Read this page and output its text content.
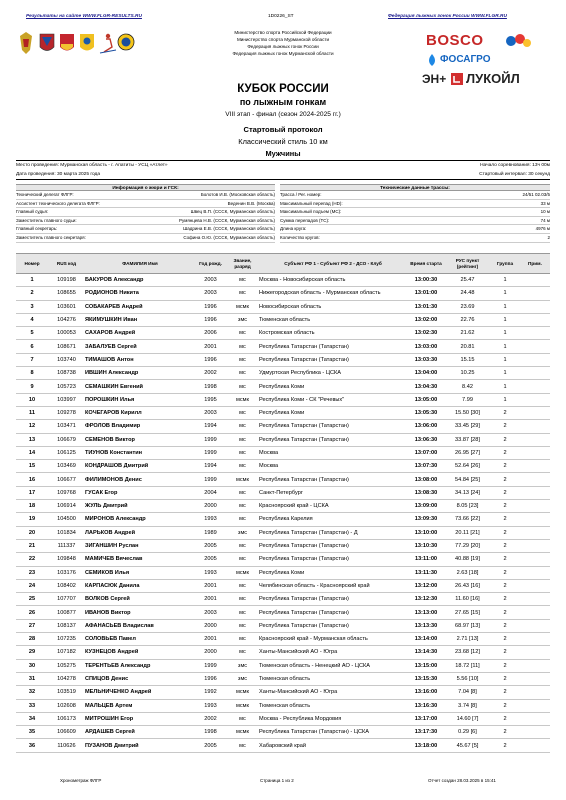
Результаты на сайте WWW.FLGR-RESULTS.RU	1D0226_ST	Федерация лыжных гонок России WWW.FLGR.RU
Министерство спорта Российской Федерации
Министерство спорта Мурманской области
Федерация лыжных гонок России
Федерация лыжных гонок Мурманской области
BOSCO
ФОСАГРО
ЭН+ ЛУКОЙЛ
КУБОК РОССИИ
по лыжным гонкам
VIII этап - финал (сезон 2024-2025 гг.)
Стартовый протокол
Классический стиль 10 км
Мужчины
Место проведения: Мурманская область - г. Апатиты - УСЦ «Атлет»
Дата проведения: 30 марта 2025 года
Начало соревнования: 13ч 00м
Стартовый интервал: 30 секунд
Информация о жюри и ГСК:
Технический делегат ФЛГР:	Болотов И.В. (Московская область)
Ассистент технического делегата ФЛГР:	Веденин В.В. (Москва)
Главный судья:	Швец В.П. (СССК, Мурманская область)
Заместитель главного судьи:	Румянцева Н.В. (СССК, Мурманская область)
Главный секретарь:	Шадрина Е.В. (СССК, Мурманская область)
Заместитель главного секретаря:	Софина О.Ю. (СССК, Мурманская область)
Технические данные трассы:
Трасса / Рег. номер:	24/51 02.03/5
Максимальный перепад (HD):	33 м
Максимальный подъем (MC):	10 м
Сумма перепадов (TC):	74 м
Длина круга:	4976 м
Количество кругов:	2
Номер	RUS код	ФАМИЛИЯ Имя	Год рожд.	Звание, разряд	Субъект РФ 1 - Субъект РФ 2 - ДСО - Клуб	Время старта	РУС пункт (рейтинг)	Группа	Прим.
1	109198	БАКУРОВ Александр	2003	мс	Москва - Новосибирская область	13:00:30	25.47	1	
2	108655	РОДИОНОВ Никита	2003	мс	Нижегородская область - Мурманская область	13:01:00	24.48	1	
3	103601	СОБАКАРЕВ Андрей	1996	мсмк	Новосибирская область	13:01:30	23.69	1	
4	104276	ЯКИМУШКИН Иван	1996	змс	Тюменская область	13:02:00	22.76	1	
5	100053	САХАРОВ Андрей	2006	мс	Костромская область	13:02:30	21.62	1	
6	108671	ЗАБАЛУЕВ Сергей	2001	мс	Республика Татарстан (Татарстан)	13:03:00	20.81	1	
7	103740	ТИМАШОВ Антон	1996	мс	Республика Татарстан (Татарстан)	13:03:30	15.15	1	
8	108738	ИВШИН Александр	2002	мс	Удмуртская Республика - ЦСКА	13:04:00	10.25	1	
9	105723	СЕМАШКИН Евгений	1998	мс	Республика Коми	13:04:30	8.42	1	
10	103997	ПОРОШКИН Илья	1995	мсмк	Республика Коми - СК "Речевых"	13:05:00	7.99	1	
11	109278	КОЧЕГАРОВ Кирилл	2003	мс	Республика Коми	13:05:30	15.50 [30]	2	
12	103471	ФРОЛОВ Владимир	1994	мс	Республика Татарстан (Татарстан)	13:06:00	33.45 [29]	2	
13	106679	СЕМЕНОВ Виктор	1999	мс	Республика Татарстан (Татарстан)	13:06:30	33.87 [28]	2	
14	106125	ТИУНОВ Константин	1999	мс	Москва	13:07:00	26.95 [27]	2	
15	103469	КОНДРАШОВ Дмитрий	1994	мс	Москва	13:07:30	52.64 [26]	2	
16	106677	ФИЛИМОНОВ Денис	1999	мсмк	Республика Татарстан (Татарстан)	13:08:00	54.84 [25]	2	
17	109768	ГУСАК Егор	2004	мс	Санкт-Петербург	13:08:30	34.13 [24]	2	
18	106914	ЖУЛЬ Дмитрий	2000	мс	Красноярский край - ЦСКА	13:09:00	8.05 [23]	2	
19	104500	МИРОНОВ Александр	1993	мс	Республика Карелия	13:09:30	73.66 [22]	2	
20	101834	ЛАРЬКОВ Андрей	1989	змс	Республика Татарстан (Татарстан) - Д	13:10:00	20.11 [21]	2	
21	111337	ЗИГАНШИН Руслан	2005	мс	Республика Татарстан (Татарстан)	13:10:30	77.29 [20]	2	
22	109848	МАМИЧЕВ Вячеслав	2005	мс	Республика Татарстан (Татарстан)	13:11:00	40.88 [19]	2	
23	103176	СЕМИКОВ Илья	1993	мсмк	Республика Коми	13:11:30	2.63 [18]	2	
24	108402	КАРПАСЮК Данила	2001	мс	Челябинская область - Красноярский край	13:12:00	26.43 [16]	2	
25	107707	ВОЛКОВ Сергей	2001	мс	Республика Татарстан (Татарстан)	13:12:30	11.60 [16]	2	
26	100877	ИВАНОВ Виктор	2003	мс	Республика Татарстан (Татарстан)	13:13:00	27.65 [15]	2	
27	108137	АФАНАСЬЕВ Владислав	2000	мс	Республика Татарстан (Татарстан)	13:13:30	68.97 [13]	2	
28	107235	СОЛОВЬЕВ Павел	2001	мс	Красноярский край - Мурманская область	13:14:00	2.71 [13]	2	
29	107182	КУЗНЕЦОВ Андрей	2000	мс	Ханты-Мансийский АО - Югра	13:14:30	23.68 [12]	2	
30	105275	ТЕРЕНТЬЕВ Александр	1999	змс	Тюменская область - Ненецкий АО - ЦСКА	13:15:00	18.72 [11]	2	
31	104278	СПИЦОВ Денис	1996	змс	Тюменская область	13:15:30	5.56 [10]	2	
32	103519	МЕЛЬНИЧЕНКО Андрей	1992	мсмк	Ханты-Мансийский АО - Югра	13:16:00	7.04 [8]	2	
33	102608	МАЛЬЦЕВ Артем	1993	мсмк	Тюменская область	13:16:30	3.74 [8]	2	
34	106173	МИТРОШИН Егор	2002	мс	Москва - Республика Мордовия	13:17:00	14.60 [7]	2	
35	106609	АРДАШЕВ Сергей	1998	мсмк	Республика Татарстан (Татарстан) - ЦСКА	13:17:30	0.29 [6]	2	
36	110626	ПУЗАНОВ Дмитрий	2005	мс	Хабаровский край	13:18:00	45.67 [5]	2	
Хронометраж ФЛГР	Страница 1 из 2	Отчет создан 28.03.2025 в 15:41
